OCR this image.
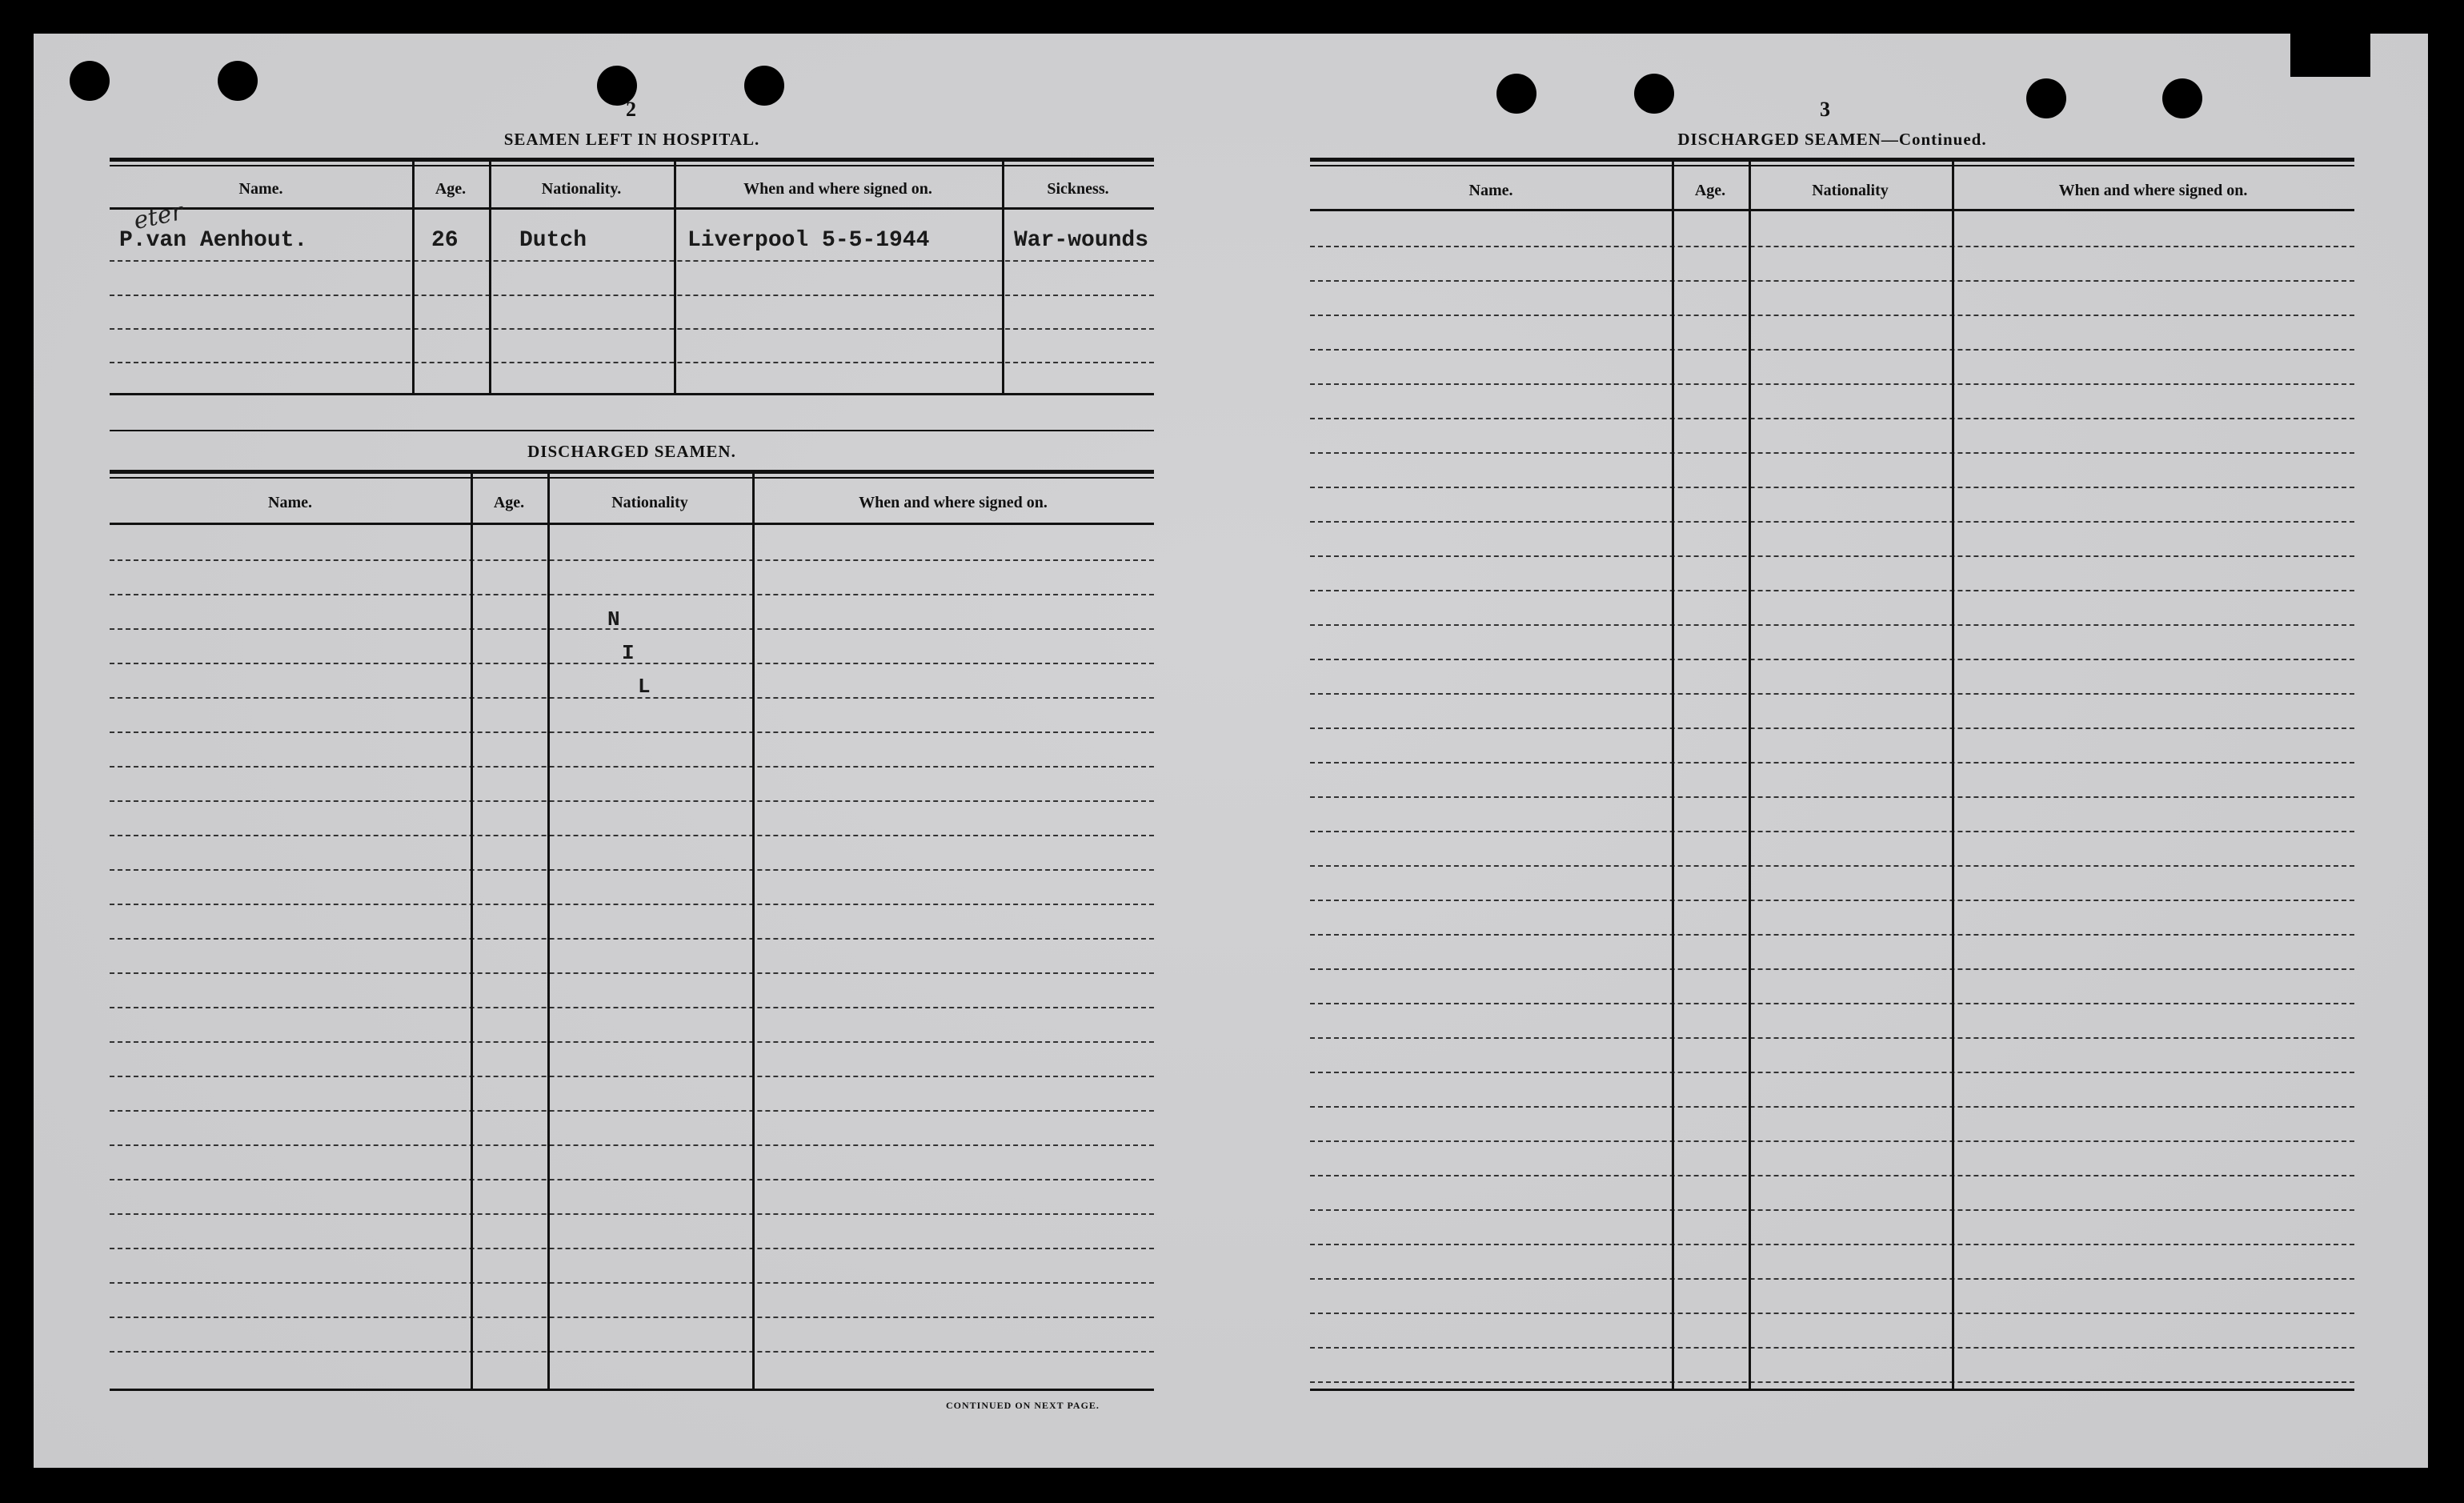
2
SEAMEN LEFT IN HOSPITAL.
Name.	Age.	Nationality.	When and where signed on.	Sickness.
eter
P.van Aenhout.	26	Dutch	Liverpool 5-5-1944	War-wounds
DISCHARGED SEAMEN.
Name.	Age.	Nationality	When and where signed on.
N
I
L
CONTINUED ON NEXT PAGE.
3
DISCHARGED SEAMEN—Continued.
Name.	Age.	Nationality	When and where signed on.
